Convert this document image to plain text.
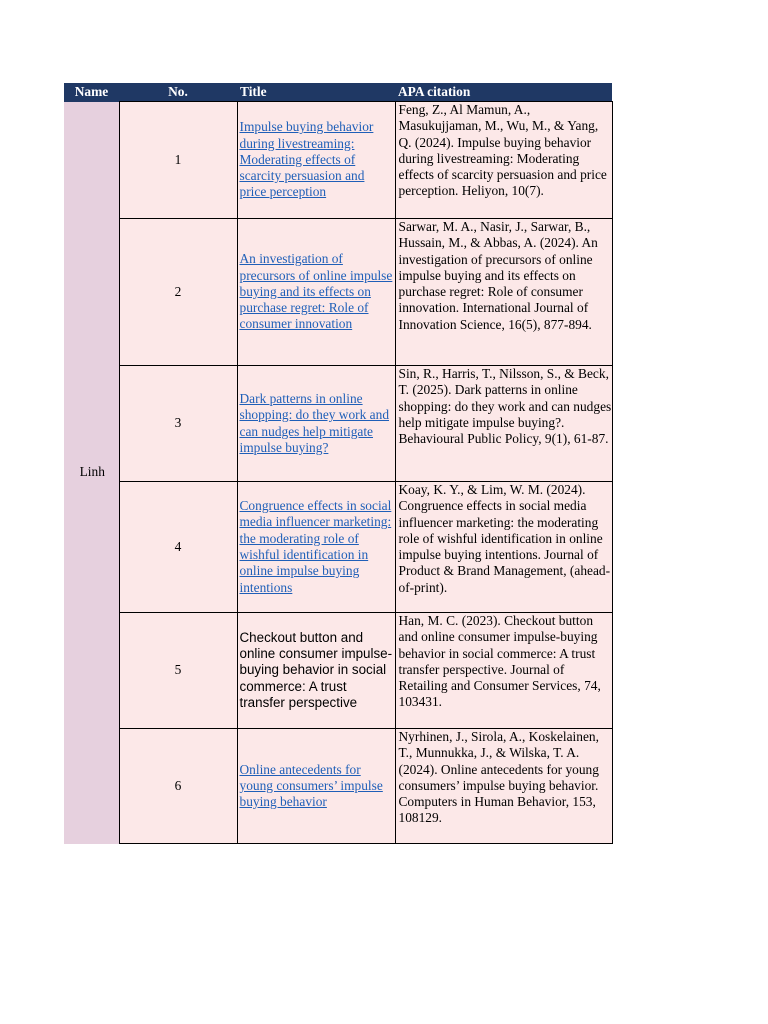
Name	No.	Title	APA citation
Linh	1	Impulse buying behavior during livestreaming: Moderating effects of scarcity persuasion and price perception	Feng, Z., Al Mamun, A., Masukujjaman, M., Wu, M., & Yang, Q. (2024). Impulse buying behavior during livestreaming: Moderating effects of scarcity persuasion and price perception. Heliyon, 10(7).
	2	An investigation of precursors of online impulse buying and its effects on purchase regret: Role of consumer innovation	Sarwar, M. A., Nasir, J., Sarwar, B., Hussain, M., & Abbas, A. (2024). An investigation of precursors of online impulse buying and its effects on purchase regret: Role of consumer innovation. International Journal of Innovation Science, 16(5), 877-894.
	3	Dark patterns in online shopping: do they work and can nudges help mitigate impulse buying?	Sin, R., Harris, T., Nilsson, S., & Beck, T. (2025). Dark patterns in online shopping: do they work and can nudges help mitigate impulse buying?. Behavioural Public Policy, 9(1), 61-87.
	4	Congruence effects in social media influencer marketing: the moderating role of wishful identification in online impulse buying intentions	Koay, K. Y., & Lim, W. M. (2024). Congruence effects in social media influencer marketing: the moderating role of wishful identification in online impulse buying intentions. Journal of Product & Brand Management, (ahead-of-print).
	5	Checkout button and online consumer impulse-buying behavior in social commerce: A trust transfer perspective	Han, M. C. (2023). Checkout button and online consumer impulse-buying behavior in social commerce: A trust transfer perspective. Journal of Retailing and Consumer Services, 74, 103431.
	6	Online antecedents for young consumers’ impulse buying behavior	Nyrhinen, J., Sirola, A., Koskelainen, T., Munnukka, J., & Wilska, T. A. (2024). Online antecedents for young consumers’ impulse buying behavior. Computers in Human Behavior, 153, 108129.
